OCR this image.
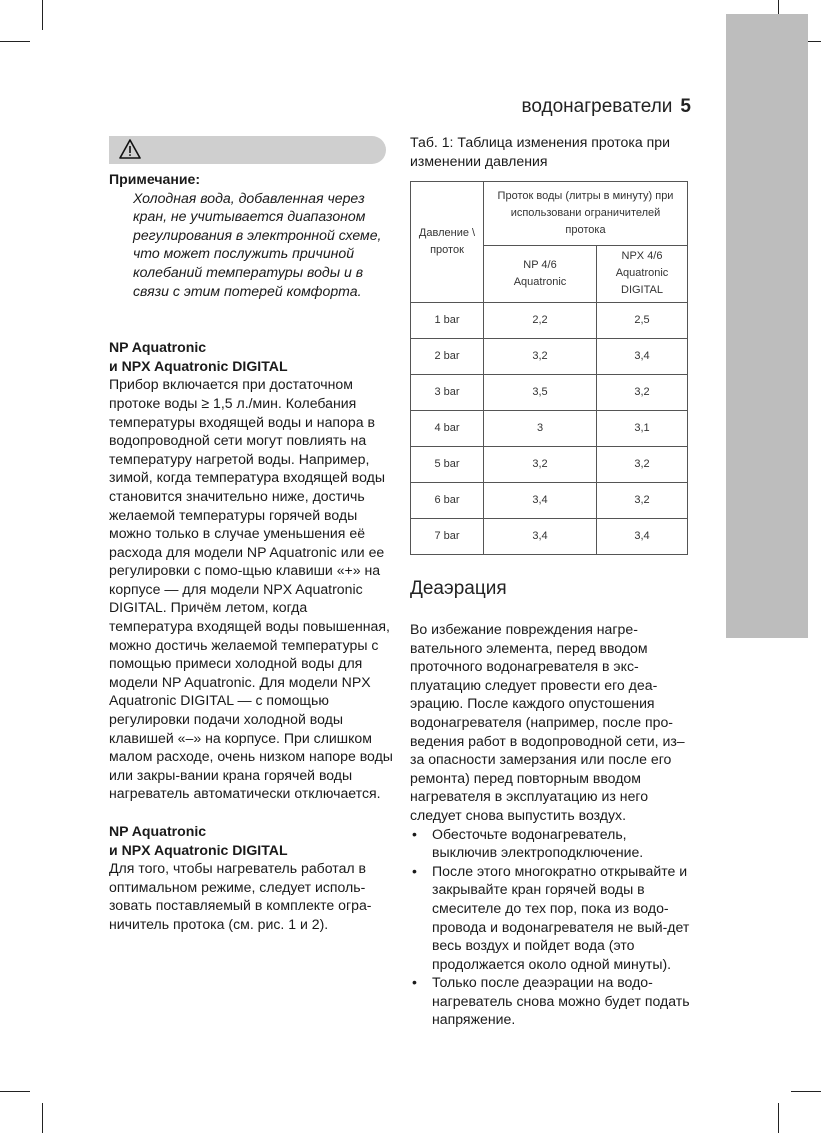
водонагреватели 5

Примечание:

Холодная вода, добавленная через кран, не учитывается диапазоном регулирования в электронной схеме, что может послужить причиной колебаний температуры воды и в связи с этим потерей комфорта.

NP Aquatronic

и NPX Aquatronic DIGITAL

Прибор включается при достаточном протоке воды ≥ 1,5 л./мин. Колебания температуры входящей воды и напора в водопроводной сети могут повлиять на температуру нагретой воды. Например, зимой, когда температура входящей воды становится значительно ниже, достичь желаемой температуры горячей воды можно только в случае уменьшения её расхода для модели NP Aquatronic или ее регулировки с помо-щью клавиши «+» на корпусе — для модели NPX Aquatronic DIGITAL. Причём летом, когда температура входящей воды повышенная, можно достичь желаемой температуры с помощью примеси холодной воды для модели NP Aquatronic. Для модели NPX Aquatronic DIGITAL — с помощью регулировки подачи холодной воды клавишей «–» на корпусе. При слишком малом расходе, очень низком напоре воды или закры-вании крана горячей воды нагреватель автоматически отключается.

NP Aquatronic

и NPX Aquatronic DIGITAL

Для того, чтобы нагреватель работал в оптимальном режиме, следует исполь-зовать поставляемый в комплекте огра-ничитель протока (см. рис. 1 и 2).

Таб. 1: Таблица изменения протока при изменении давления

Давление \ проток	Проток воды (литры в минуту) при использовани ограничителей протока	
	NP 4/6 Aquatronic	NPX 4/6 Aquatronic DIGITAL
1 bar	2,2	2,5
2 bar	3,2	3,4
3 bar	3,5	3,2
4 bar	3	3,1
5 bar	3,2	3,2
6 bar	3,4	3,2
7 bar	3,4	3,4
Деаэрация

Во избежание повреждения нагре-вательного элемента, перед вводом проточного водонагревателя в экс-плуатацию следует провести его деа-эрацию. После каждого опустошения водонагревателя (например, после про-ведения работ в водопроводной сети, из–за опасности замерзания или после его ремонта) перед повторным вводом нагревателя в эксплуатацию из него следует снова выпустить воздух.

• Обесточьте водонагреватель, выключив электроподключение.
• После этого многократно открывайте и закрывайте кран горячей воды в смесителе до тех пор, пока из водо-провода и водонагревателя не вый-дет весь воздух и пойдет вода (это продолжается около одной минуты).
• Только после деаэрации на водо-нагреватель снова можно будет подать напряжение.
